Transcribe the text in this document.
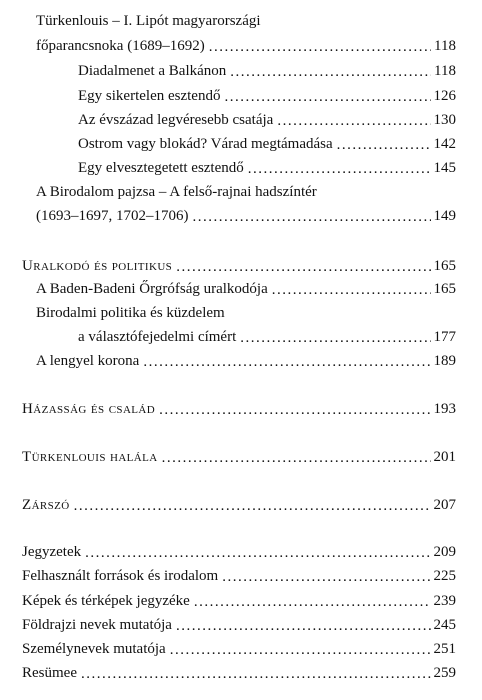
Türkenlouis – I. Lipót magyarországi
főparancsnoka (1689–1692) .....	118
Diadalmenet a Balkánon .....	118
Egy sikertelen esztendő .....	126
Az évszázad legvéresebb csatája .....	130
Ostrom vagy blokád? Várad megtámadása .....	142
Egy elvesztegetett esztendő .....	145
A Birodalom pajzsa – A felső-rajnai hadszíntér
(1693–1697, 1702–1706) .....	149
Uralkodó és politikus .....	165
A Baden-Badeni Őrgrófság uralkodója .....	165
Birodalmi politika és küzdelem
a választófejedelmi címért .....	177
A lengyel korona .....	189
Házasság és család .....	193
Türkenlouis halála .....	201
Zárszó .....	207
Jegyzetek .....	209
Felhasznált források és irodalom .....	225
Képek és térképek jegyzéke .....	239
Földrajzi nevek mutatója .....	245
Személynevek mutatója .....	251
Resümee .....	259
